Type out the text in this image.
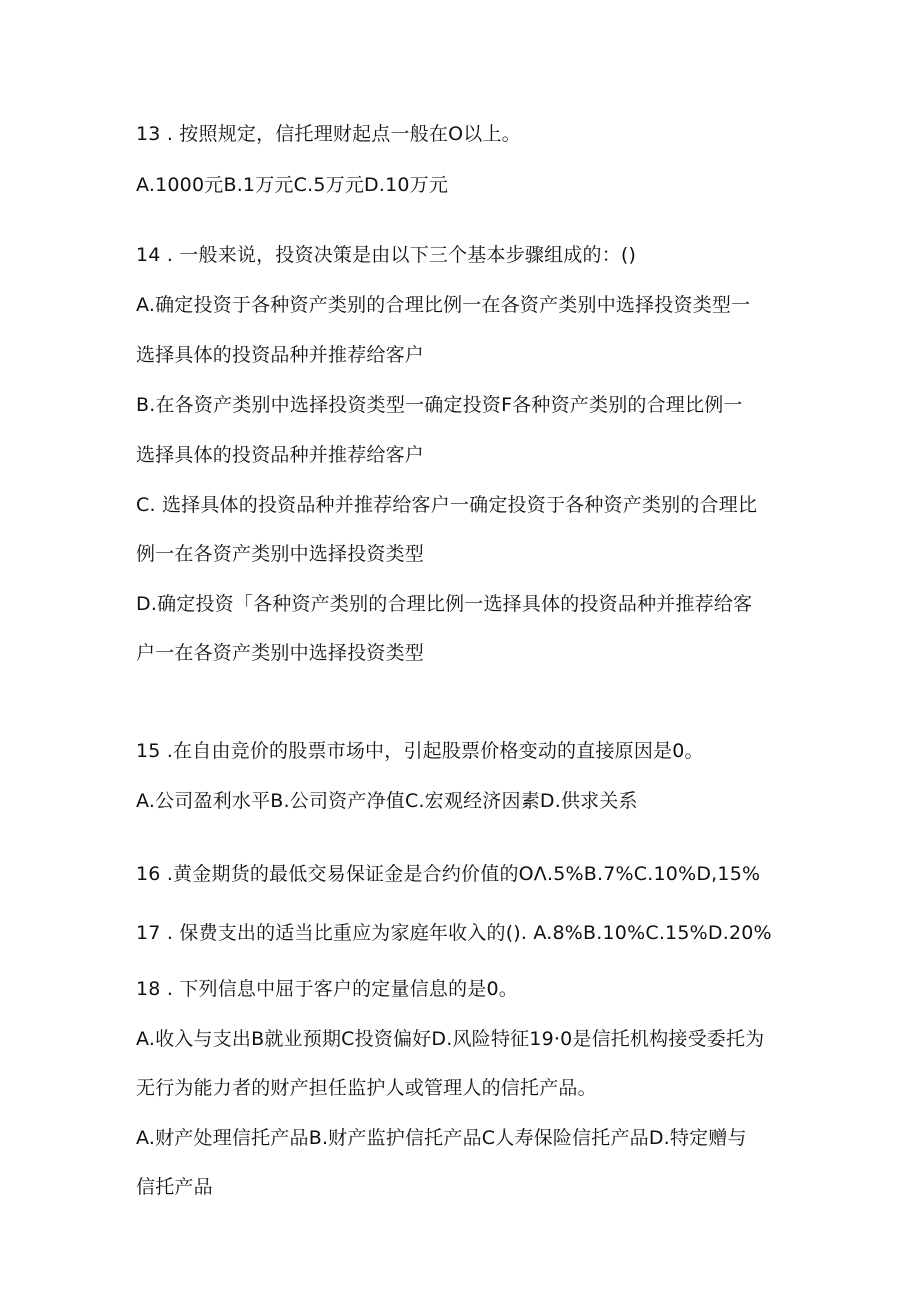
13 . 按照规定，信托理财起点一般在O以上。
A.1000元B.1万元C.5万元D.10万元
14 . 一般来说，投资决策是由以下三个基本步骤组成的：()
A.确定投资于各种资产类别的合理比例一在各资产类别中选择投资类型一
选择具体的投资品种并推荐给客户
B.在各资产类别中选择投资类型一确定投资F各种资产类别的合理比例一
选择具体的投资品种并推荐给客户
C. 选择具体的投资品种并推荐给客户一确定投资于各种资产类别的合理比
例一在各资产类别中选择投资类型
D.确定投资「各种资产类别的合理比例一选择具体的投资品种并推荐给客
户一在各资产类别中选择投资类型
15 .在自由竞价的股票市场中，引起股票价格变动的直接原因是0。
A.公司盈利水平B.公司资产净值C.宏观经济因素D.供求关系
16 .黄金期货的最低交易保证金是合约价值的OΛ.5%B.7%C.10%D,15%
17 . 保费支出的适当比重应为家庭年收入的(). A.8%B.10%C.15%D.20%
18 . 下列信息中屈于客户的定量信息的是0。
A.收入与支出B就业预期C投资偏好D.风险特征19·0是信托机构接受委托为
无行为能力者的财产担任监护人或管理人的信托产品。
A.财产处理信托产品B.财产监护信托产品C人寿保险信托产品D.特定赠与
信托产品
